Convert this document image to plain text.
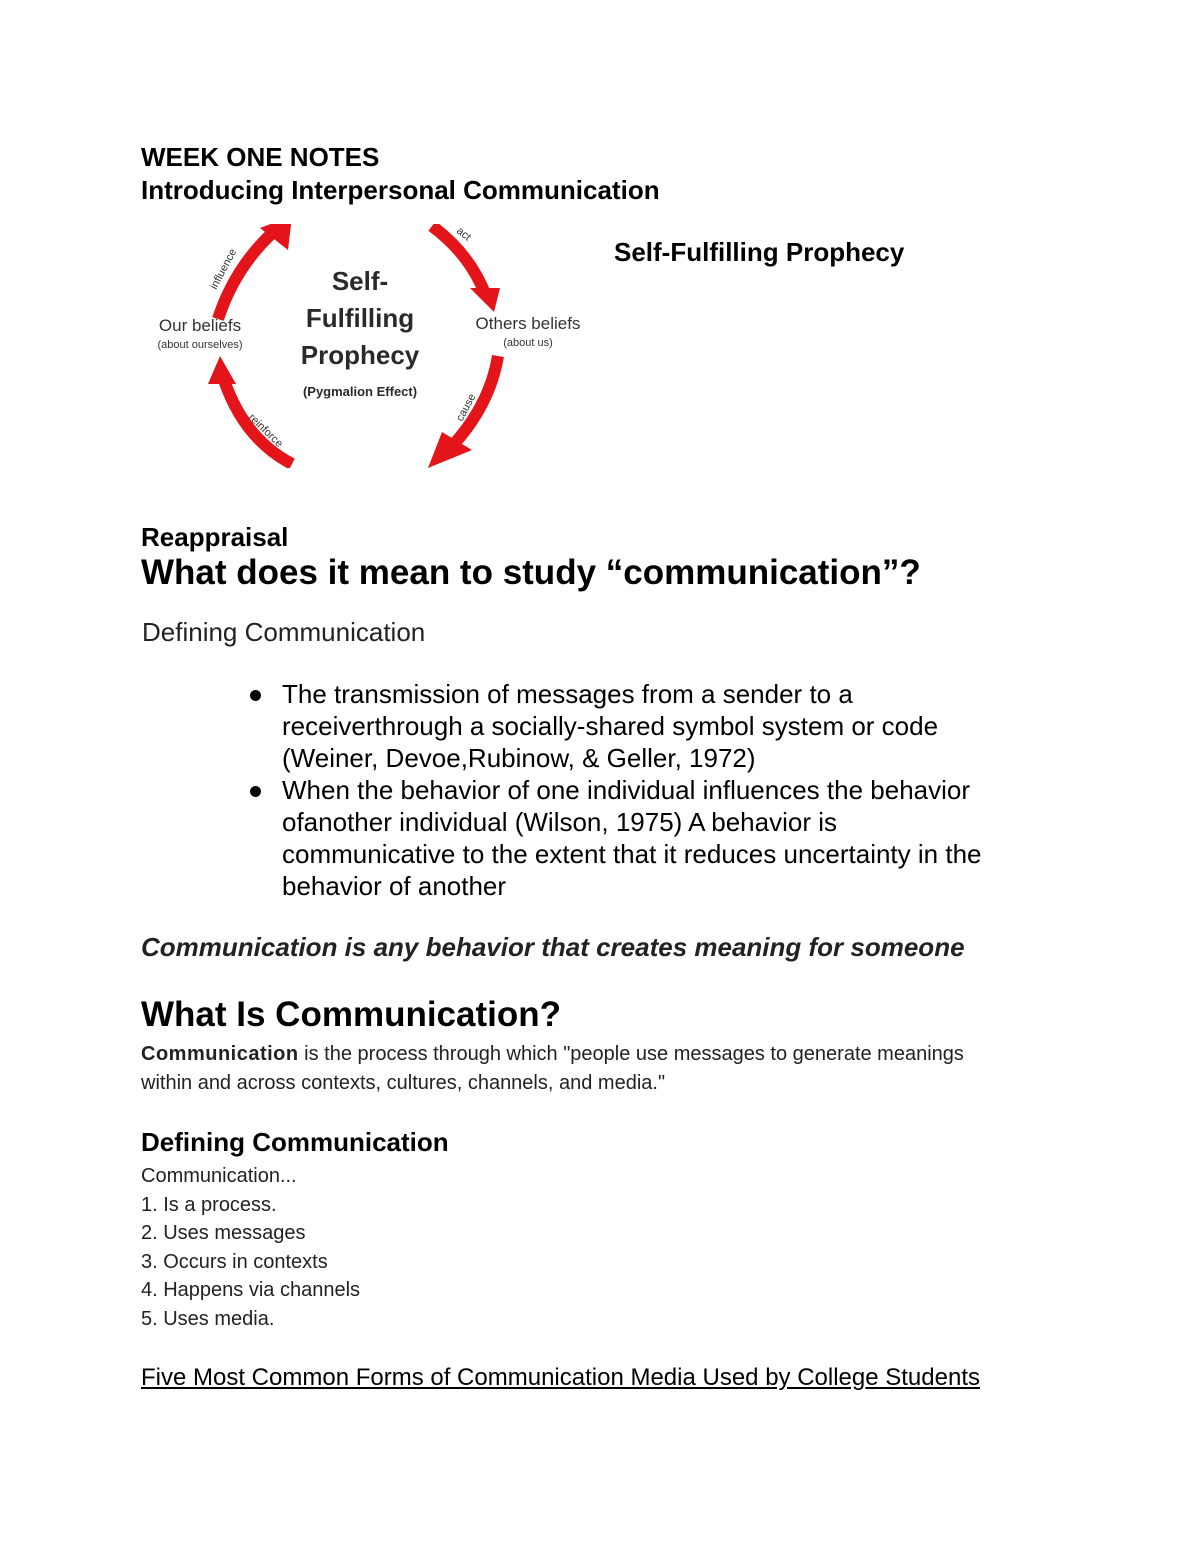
WEEK ONE NOTES
Introducing Interpersonal Communication
influence
act
cause
reinforce
Self-
Fulfilling
Prophecy
(Pygmalion Effect)
Our beliefs
(about ourselves)
Others beliefs
(about us)
Self-Fulfilling Prophecy
Reappraisal
What does it mean to study “communication”?
Defining Communication
The transmission of messages from a sender to a
receiverthrough a socially-shared symbol system or code
(Weiner, Devoe,Rubinow, & Geller, 1972)
When the behavior of one individual influences the behavior
ofanother individual (Wilson, 1975) A behavior is
communicative to the extent that it reduces uncertainty in the
behavior of another
Communication is any behavior that creates meaning for someone
What Is Communication?
Communication is the process through which "people use messages to generate meanings
within and across contexts, cultures, channels, and media."
Defining Communication
Communication...
1. Is a process.
2. Uses messages
3. Occurs in contexts
4. Happens via channels
5. Uses media.
Five Most Common Forms of Communication Media Used by College Students
